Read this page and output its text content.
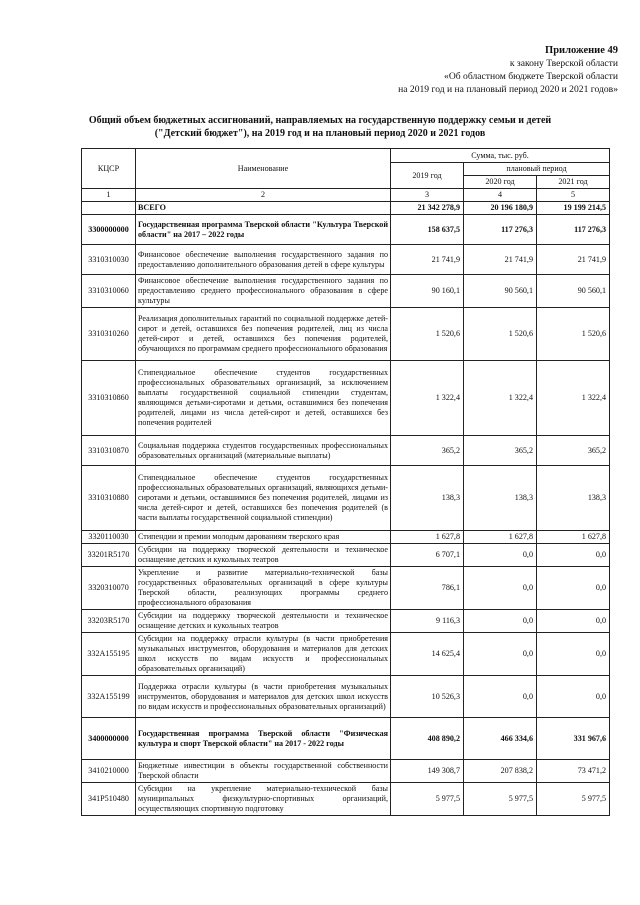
Приложение 49
к закону Тверской области
«Об областном бюджете Тверской области
на 2019 год и на плановый период 2020 и 2021 годов»
Общий объем бюджетных ассигнований, направляемых на государственную поддержку семьи и детей
("Детский бюджет"), на 2019 год и на плановый период 2020 и 2021 годов
КЦСР	Наименование	Сумма, тыс. руб.		
		2019 год	плановый период	
			2020 год	2021 год
1	2	3	4	5
	ВСЕГО	21 342 278,9	20 196 180,9	19 199 214,5
3300000000	Государственная программа Тверской области "Культура Тверской области" на 2017 – 2022 годы	158 637,5	117 276,3	117 276,3
3310310030	Финансовое обеспечение выполнения государственного задания по предоставлению дополнительного образования детей в сфере культуры	21 741,9	21 741,9	21 741,9
3310310060	Финансовое обеспечение выполнения государственного задания по предоставлению среднего профессионального образования в сфере культуры	90 160,1	90 560,1	90 560,1
3310310260	Реализация дополнительных гарантий по социальной поддержке детей-сирот и детей, оставшихся без попечения родителей, лиц из числа детей-сирот и детей, оставшихся без попечения родителей, обучающихся по программам среднего профессионального образования	1 520,6	1 520,6	1 520,6
3310310860	Стипендиальное обеспечение студентов государственных профессиональных образовательных организаций, за исключением выплаты государственной социальной стипендии студентам, являющимся детьми-сиротами и детьми, оставшимися без попечения родителей, лицами из числа детей-сирот и детей, оставшихся без попечения родителей	1 322,4	1 322,4	1 322,4
3310310870	Социальная поддержка студентов государственных профессиональных образовательных организаций (материальные выплаты)	365,2	365,2	365,2
3310310880	Стипендиальное обеспечение студентов государственных профессиональных образовательных организаций, являющихся детьми-сиротами и детьми, оставшимися без попечения родителей, лицами из числа детей-сирот и детей, оставшихся без попечения родителей (в части выплаты государственной социальной стипендии)	138,3	138,3	138,3
3320110030	Стипендии и премии молодым дарованиям тверского края	1 627,8	1 627,8	1 627,8
33201R5170	Субсидии на поддержку творческой деятельности и техническое оснащение детских и кукольных театров	6 707,1	0,0	0,0
3320310070	Укрепление и развитие материально-технической базы государственных образовательных организаций в сфере культуры Тверской области, реализующих программы среднего профессионального образования	786,1	0,0	0,0
33203R5170	Субсидии на поддержку творческой деятельности и техническое оснащение детских и кукольных театров	9 116,3	0,0	0,0
332A155195	Субсидии на поддержку отрасли культуры (в части приобретения музыкальных инструментов, оборудования и материалов для детских школ искусств по видам искусств и профессиональных образовательных организаций)	14 625,4	0,0	0,0
332A155199	Поддержка отрасли культуры (в части приобретения музыкальных инструментов, оборудования и материалов для детских школ искусств по видам искусств и профессиональных образовательных организаций)	10 526,3	0,0	0,0
3400000000	Государственная программа Тверской области "Физическая культура и спорт Тверской области" на 2017 - 2022 годы	408 890,2	466 334,6	331 967,6
3410210000	Бюджетные инвестиции в объекты государственной собственности Тверской области	149 308,7	207 838,2	73 471,2
341P510480	Субсидии на укрепление материально-технической базы муниципальных физкультурно-спортивных организаций, осуществляющих спортивную подготовку	5 977,5	5 977,5	5 977,5
